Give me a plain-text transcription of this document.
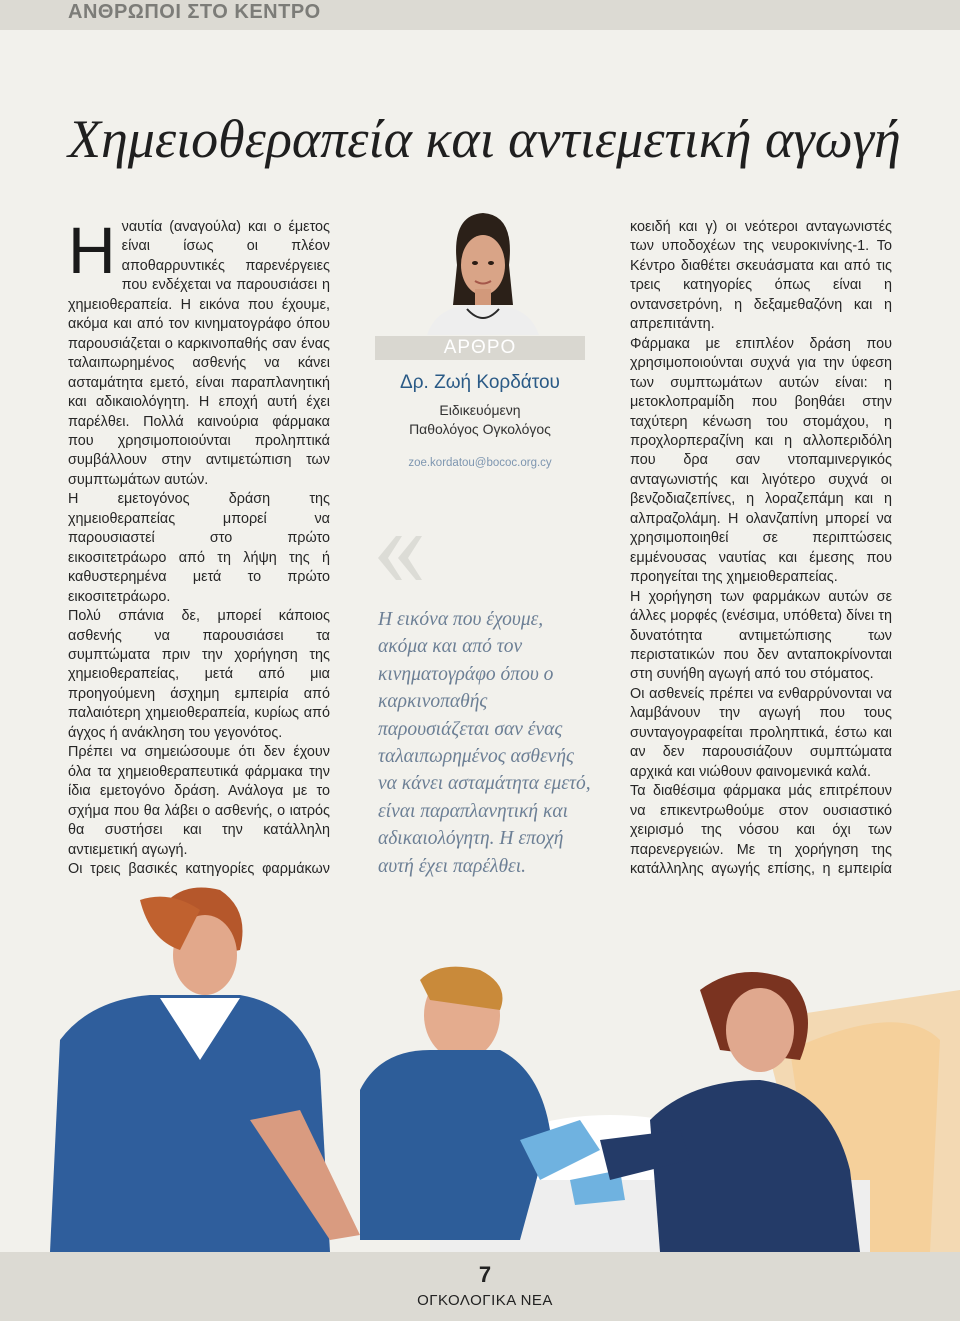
ΑΝΘΡΩΠΟΙ ΣΤΟ ΚΕΝΤΡΟ
Χημειοθεραπεία και αντιεμετική αγωγή

Ηναυτία (αναγούλα) και ο έμετος είναι ίσως οι πλέον αποθαρρυντικές παρενέργειες που ενδέχεται να παρουσιάσει η χημειοθεραπεία. Η εικόνα που έχουμε, ακόμα και από τον κινηματογράφο όπου παρουσιάζεται ο καρκινοπαθής σαν ένας ταλαιπωρημένος ασθενής να κάνει ασταμάτητα εμετό, είναι παραπλανητική και αδικαιολόγητη. Η εποχή αυτή έχει παρέλθει. Πολλά καινούρια φάρμακα που χρησιμοποιούνται προληπτικά συμβάλλουν στην αντιμετώπιση των συμπτωμάτων αυτών.

Η εμετογόνος δράση της χημειοθεραπείας μπορεί να παρουσιαστεί στο πρώτο εικοσιτετράωρο από τη λήψη της ή καθυστερημένα μετά το πρώτο εικοσιτετράωρο.

Πολύ σπάνια δε, μπορεί κάποιος ασθενής να παρουσιάσει τα συμπτώματα πριν την χορήγηση της χημειοθεραπείας, μετά από μια προηγούμενη άσχημη εμπειρία από παλαιότερη χημειοθεραπεία, κυρίως από άγχος ή ανάκληση του γεγονότος.

Πρέπει να σημειώσουμε ότι δεν έχουν όλα τα χημειοθεραπευτικά φάρμακα την ίδια εμετογόνο δράση. Ανάλογα με το σχήμα που θα λάβει ο ασθενής, ο ιατρός θα συστήσει και την κατάλληλη αντιεμετική αγωγή.

Οι τρεις βασικές κατηγορίες φαρμάκων

ΑΡΘΡΟ
Δρ. Ζωή Κορδάτου
Ειδικευόμενη
Παθολόγος Ογκολόγος
zoe.kordatou@bococ.org.cy
Η εικόνα που έχουμε, ακόμα και από τον κινηματογράφο όπου ο καρκινοπαθής παρουσιάζεται σαν ένας ταλαιπωρημένος ασθενής να κάνει ασταμάτητα εμετό, είναι παραπλανητική και αδικαιολόγητη. Η εποχή αυτή έχει παρέλθει.

κοειδή και γ) οι νεότεροι ανταγωνιστές των υποδοχέων της νευροκινίνης-1. Το Κέντρο διαθέτει σκευάσματα και από τις τρεις κατηγορίες όπως είναι η οντανσετρόνη, η δεξαμεθαζόνη και η απρεπιτάντη.

Φάρμακα με επιπλέον δράση που χρησιμοποιούνται συχνά για την ύφεση των συμπτωμάτων αυτών είναι: η μετοκλοπραμίδη που βοηθάει στην ταχύτερη κένωση του στομάχου, η προχλορπεραζίνη και η αλλοπεριδόλη που δρα σαν ντοπαμινεργικός ανταγωνιστής και λιγότερο συχνά οι βενζοδιαζεπίνες, η λοραζεπάμη και η αλπραζολάμη. Η ολανζαπίνη μπορεί να χρησιμοποιηθεί σε περιπτώσεις εμμένουσας ναυτίας και έμεσης που προηγείται της χημειοθεραπείας.

Η χορήγηση των φαρμάκων αυτών σε άλλες μορφές (ενέσιμα, υπόθετα) δίνει τη δυνατότητα αντιμετώπισης των περιστατικών που δεν ανταποκρίνονται στη συνήθη αγωγή από του στόματος.

Οι ασθενείς πρέπει να ενθαρρύνονται να λαμβάνουν την αγωγή που τους συνταγογραφείται προληπτικά, έστω και αν δεν παρουσιάζουν συμπτώματα αρχικά και νιώθουν φαινομενικά καλά.

Τα διαθέσιμα φάρμακα μάς επιτρέπουν να επικεντρωθούμε στον ουσιαστικό χειρισμό της νόσου και όχι των παρενεργειών. Με τη χορήγηση της κατάλληλης αγωγής επίσης, η εμπειρία

7
ΟΓΚΟΛΟΓΙΚΑ ΝΕΑ
